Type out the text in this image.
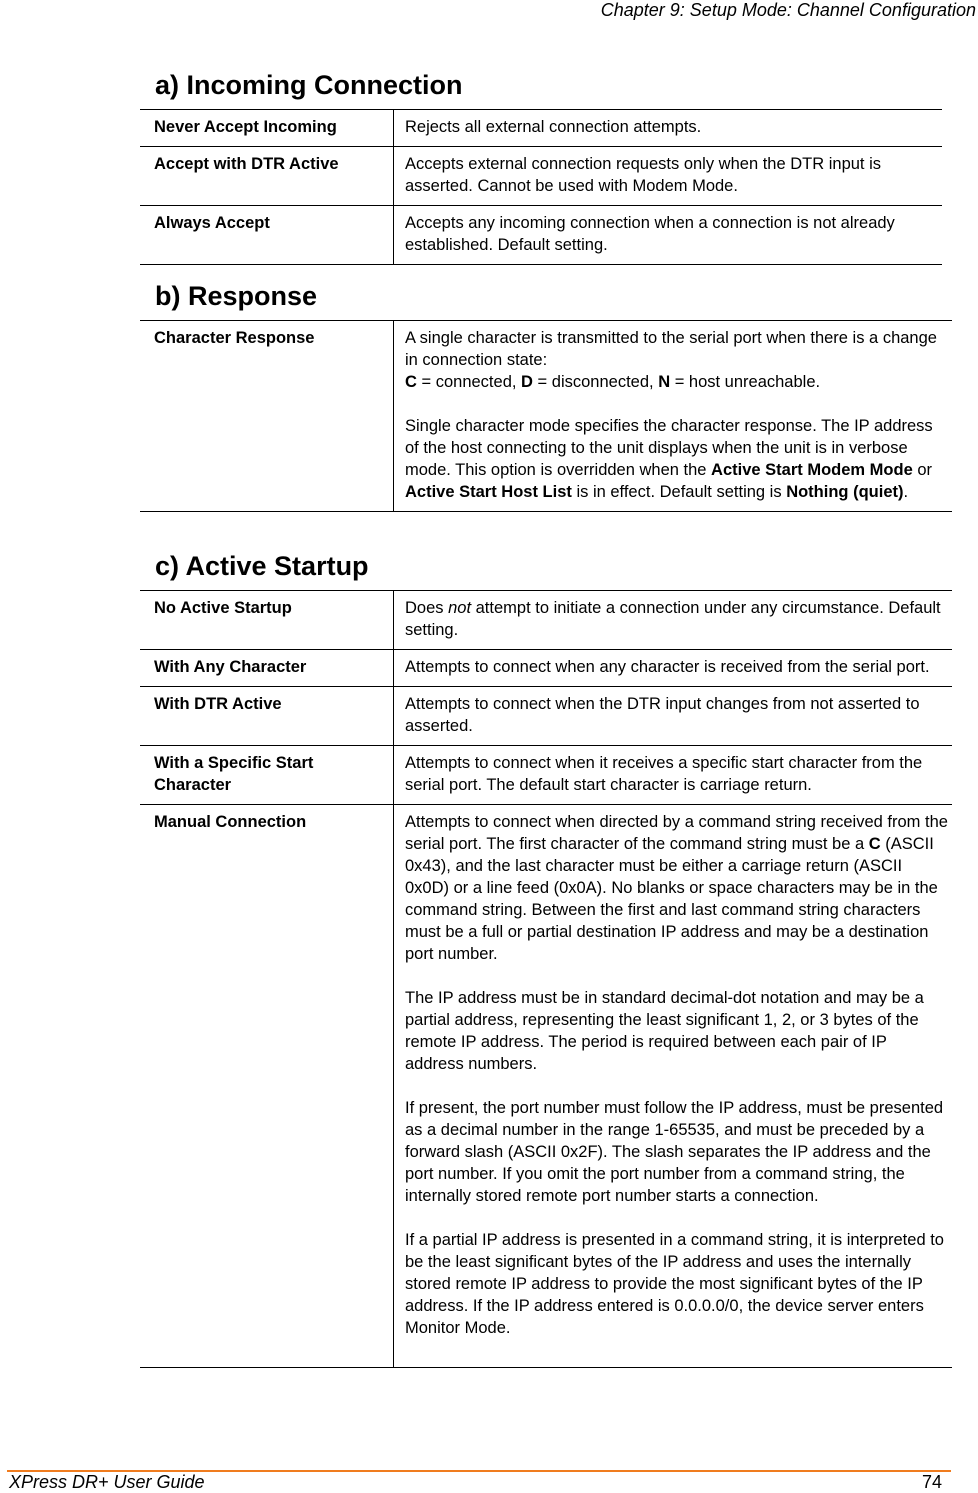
Chapter 9: Setup Mode: Channel Configuration
a) Incoming Connection
Never Accept Incoming	Rejects all external connection attempts.
Accept with DTR Active	Accepts external connection requests only when the DTR input is asserted. Cannot be used with Modem Mode.
Always Accept	Accepts any incoming connection when a connection is not already established. Default setting.
b) Response
Character Response	A single character is transmitted to the serial port when there is a change in connection state:
C = connected, D = disconnected, N = host unreachable.

Single character mode specifies the character response. The IP address of the host connecting to the unit displays when the unit is in verbose mode. This option is overridden when the Active Start Modem Mode or Active Start Host List is in effect. Default setting is Nothing (quiet).

c) Active Startup
No Active Startup	Does not attempt to initiate a connection under any circumstance. Default setting.
With Any Character	Attempts to connect when any character is received from the serial port.
With DTR Active	Attempts to connect when the DTR input changes from not asserted to asserted.
With a Specific Start Character	Attempts to connect when it receives a specific start character from the serial port. The default start character is carriage return.
Manual Connection	Attempts to connect when directed by a command string received from the serial port. The first character of the command string must be a C (ASCII 0x43), and the last character must be either a carriage return (ASCII 0x0D) or a line feed (0x0A). No blanks or space characters may be in the command string. Between the first and last command string characters must be a full or partial destination IP address and may be a destination port number.

The IP address must be in standard decimal-dot notation and may be a partial address, representing the least significant 1, 2, or 3 bytes of the remote IP address. The period is required between each pair of IP address numbers.

If present, the port number must follow the IP address, must be presented as a decimal number in the range 1-65535, and must be preceded by a forward slash (ASCII 0x2F). The slash separates the IP address and the port number. If you omit the port number from a command string, the internally stored remote port number starts a connection.

If a partial IP address is presented in a command string, it is interpreted to be the least significant bytes of the IP address and uses the internally stored remote IP address to provide the most significant bytes of the IP address. If the IP address entered is 0.0.0.0/0, the device server enters Monitor Mode.

XPress DR+ User Guide	74
